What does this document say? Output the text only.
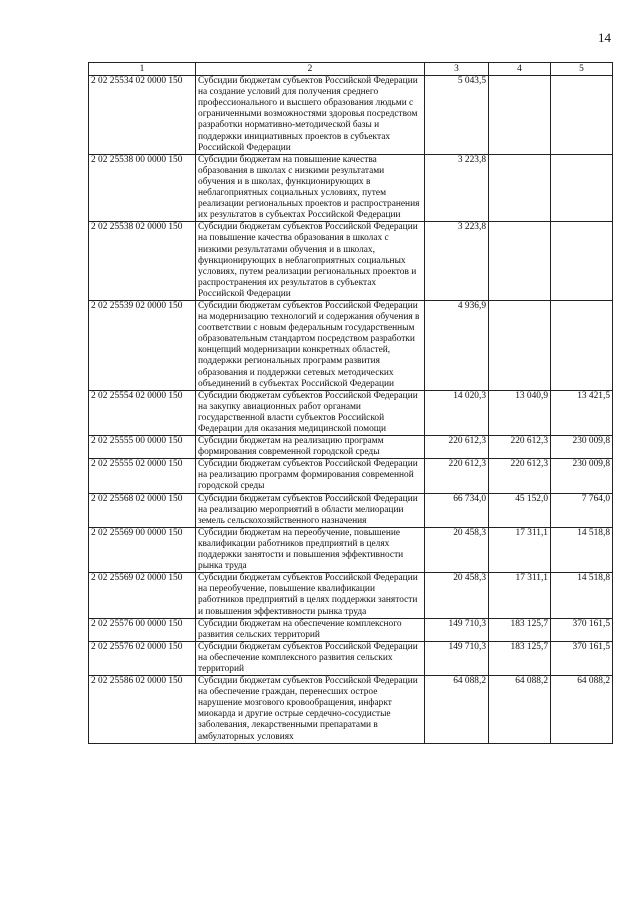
14
1	2	3	4	5
2 02 25534 02 0000 150	Субсидии бюджетам субъектов Российской Федерации на создание условий для получения среднего профессионального и высшего образования людьми с ограниченными возможностями здоровья посредством разработки нормативно-методической базы и поддержки инициативных проектов в субъектах Российской Федерации	5 043,5		
2 02 25538 00 0000 150	Субсидии бюджетам на повышение качества образования в школах с низкими результатами обучения и в школах, функционирующих в неблагоприятных социальных условиях, путем реализации региональных проектов и распространения их результатов в субъектах Российской Федерации	3 223,8		
2 02 25538 02 0000 150	Субсидии бюджетам субъектов Российской Федерации на повышение качества образования в школах с низкими результатами обучения и в школах, функционирующих в неблагоприятных социальных условиях, путем реализации региональных проектов и распространения их результатов в субъектах Российской Федерации	3 223,8		
2 02 25539 02 0000 150	Субсидии бюджетам субъектов Российской Федерации на модернизацию технологий и содержания обучения в соответствии с новым федеральным государственным образовательным стандартом посредством разработки концепций модернизации конкретных областей, поддержки региональных программ развития образования и поддержки сетевых методических объединений в субъектах Российской Федерации	4 936,9		
2 02 25554 02 0000 150	Субсидии бюджетам субъектов Российской Федерации на закупку авиационных работ органами государственной власти субъектов Российской Федерации для оказания медицинской помощи	14 020,3	13 040,9	13 421,5
2 02 25555 00 0000 150	Субсидии бюджетам на реализацию программ формирования современной городской среды	220 612,3	220 612,3	230 009,8
2 02 25555 02 0000 150	Субсидии бюджетам субъектов Российской Федерации на реализацию программ формирования современной городской среды	220 612,3	220 612,3	230 009,8
2 02 25568 02 0000 150	Субсидии бюджетам субъектов Российской Федерации на реализацию мероприятий в области мелиорации земель сельскохозяйственного назначения	66 734,0	45 152,0	7 764,0
2 02 25569 00 0000 150	Субсидии бюджетам на переобучение, повышение квалификации работников предприятий в целях поддержки занятости и повышения эффективности рынка труда	20 458,3	17 311,1	14 518,8
2 02 25569 02 0000 150	Субсидии бюджетам субъектов Российской Федерации на переобучение, повышение квалификации работников предприятий в целях поддержки занятости и повышения эффективности рынка труда	20 458,3	17 311,1	14 518,8
2 02 25576 00 0000 150	Субсидии бюджетам на обеспечение комплексного развития сельских территорий	149 710,3	183 125,7	370 161,5
2 02 25576 02 0000 150	Субсидии бюджетам субъектов Российской Федерации на обеспечение комплексного развития сельских территорий	149 710,3	183 125,7	370 161,5
2 02 25586 02 0000 150	Субсидии бюджетам субъектов Российской Федерации на обеспечение граждан, перенесших острое нарушение мозгового кровообращения, инфаркт миокарда и другие острые сердечно-сосудистые заболевания, лекарственными препаратами в амбулаторных условиях	64 088,2	64 088,2	64 088,2
